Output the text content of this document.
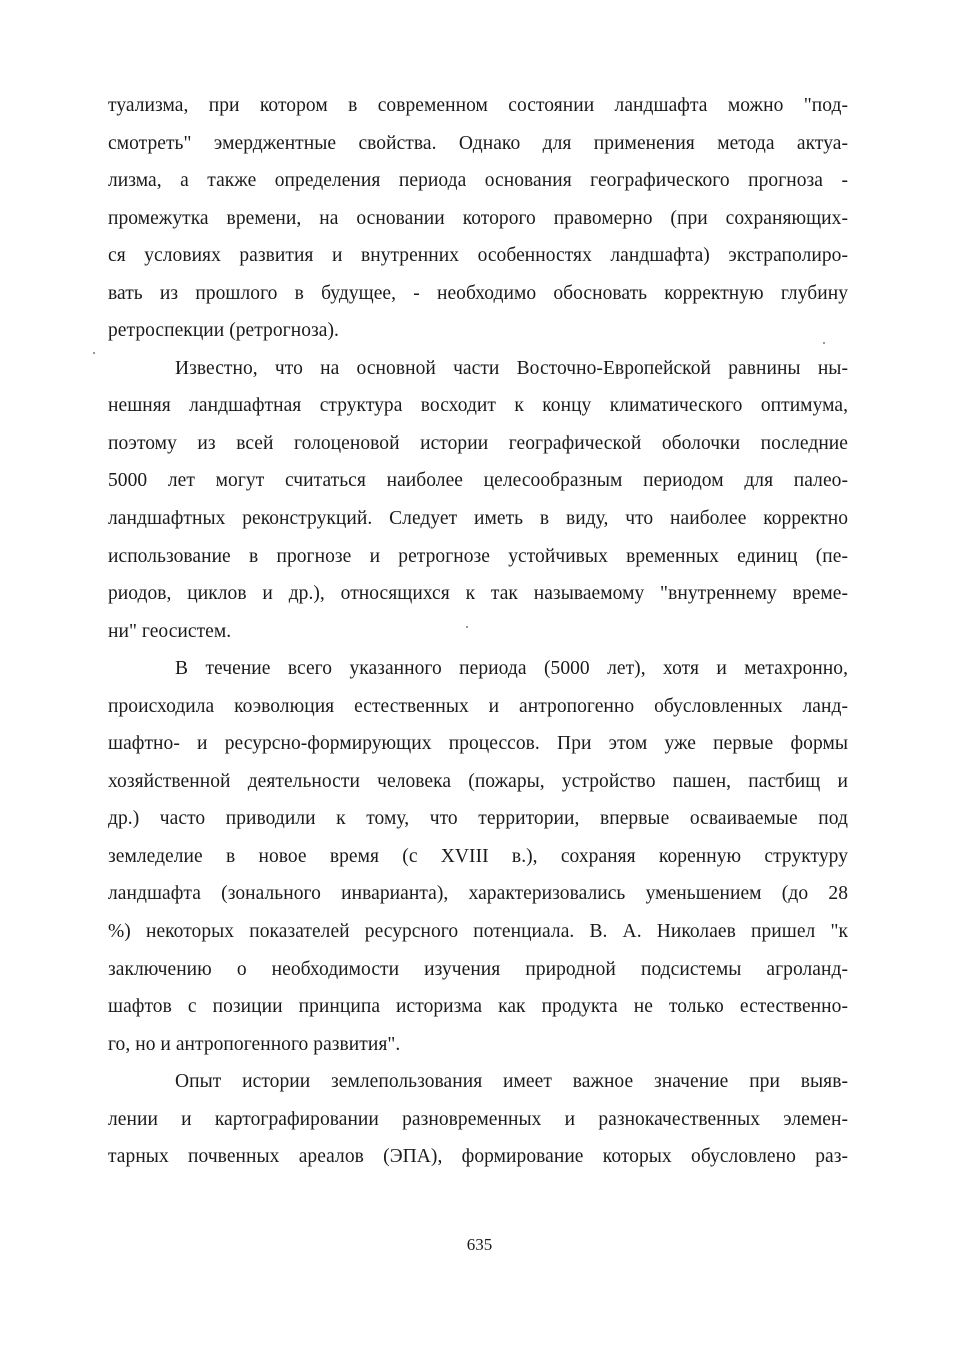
туализма, при котором в современном состоянии ландшафта можно "под-
смотреть" эмерджентные свойства. Однако для применения метода актуа-
лизма, а также определения периода основания географического прогноза -
промежутка времени, на основании которого правомерно (при сохраняющих-
ся условиях развития и внутренних особенностях ландшафта) экстраполиро-
вать из прошлого в будущее, - необходимо обосновать корректную глубину
ретроспекции (ретрогноза).
Известно, что на основной части Восточно-Европейской равнины ны-
нешняя ландшафтная структура восходит к концу климатического оптимума,
поэтому из всей голоценовой истории географической оболочки последние
5000 лет могут считаться наиболее целесообразным периодом для палео-
ландшафтных реконструкций. Следует иметь в виду, что наиболее корректно
использование в прогнозе и ретрогнозе устойчивых временных единиц (пе-
риодов, циклов и др.), относящихся к так называемому "внутреннему време-
ни" геосистем.
В течение всего указанного периода (5000 лет), хотя и метахронно,
происходила коэволюция естественных и антропогенно обусловленных ланд-
шафтно- и ресурсно-формирующих процессов. При этом уже первые формы
хозяйственной деятельности человека (пожары, устройство пашен, пастбищ и
др.) часто приводили к тому, что территории, впервые осваиваемые под
земледелие в новое время (с XVIII в.), сохраняя коренную структуру
ландшафта (зонального инварианта), характеризовались уменьшением (до 28
%) некоторых показателей ресурсного потенциала. В. А. Николаев пришел "к
заключению о необходимости изучения природной подсистемы агроланд-
шафтов с позиции принципа историзма как продукта не только естественно-
го, но и антропогенного развития".
Опыт истории землепользования имеет важное значение при выяв-
лении и картографировании разновременных и разнокачественных элемен-
тарных почвенных ареалов (ЭПА), формирование которых обусловлено раз-
635
